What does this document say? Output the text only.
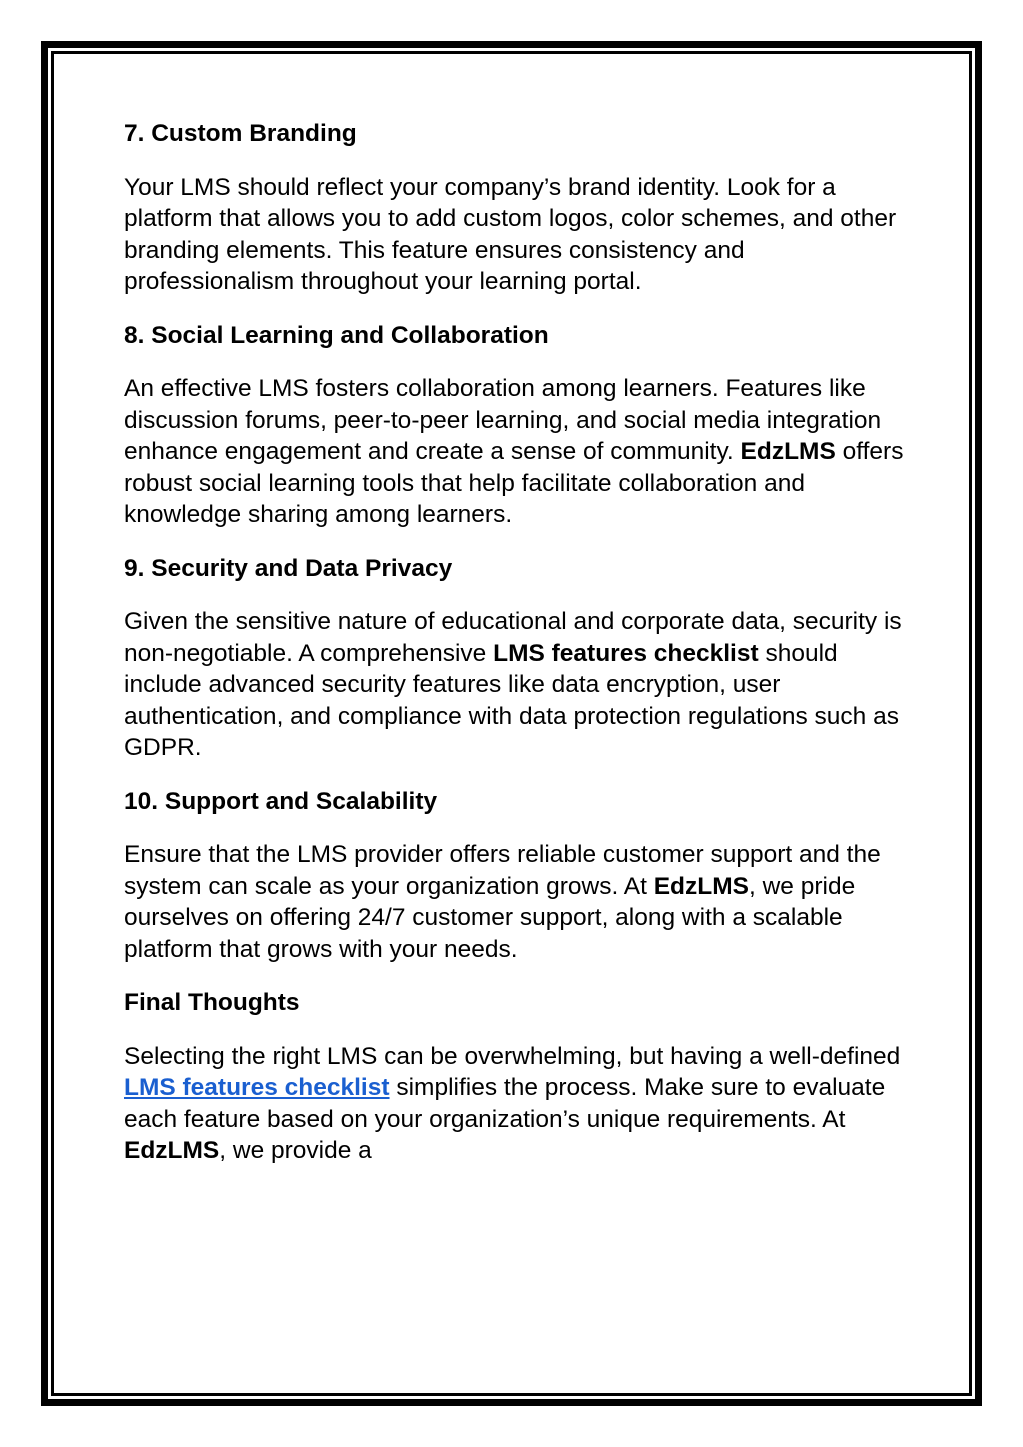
7. Custom Branding
Your LMS should reflect your company’s brand identity. Look for a platform that allows you to add custom logos, color schemes, and other branding elements. This feature ensures consistency and professionalism throughout your learning portal.
8. Social Learning and Collaboration
An effective LMS fosters collaboration among learners. Features like discussion forums, peer-to-peer learning, and social media integration enhance engagement and create a sense of community. EdzLMS offers robust social learning tools that help facilitate collaboration and knowledge sharing among learners.
9. Security and Data Privacy
Given the sensitive nature of educational and corporate data, security is non-negotiable. A comprehensive LMS features checklist should include advanced security features like data encryption, user authentication, and compliance with data protection regulations such as GDPR.
10. Support and Scalability
Ensure that the LMS provider offers reliable customer support and the system can scale as your organization grows. At EdzLMS, we pride ourselves on offering 24/7 customer support, along with a scalable platform that grows with your needs.
Final Thoughts
Selecting the right LMS can be overwhelming, but having a well-defined LMS features checklist simplifies the process. Make sure to evaluate each feature based on your organization’s unique requirements. At EdzLMS, we provide a
